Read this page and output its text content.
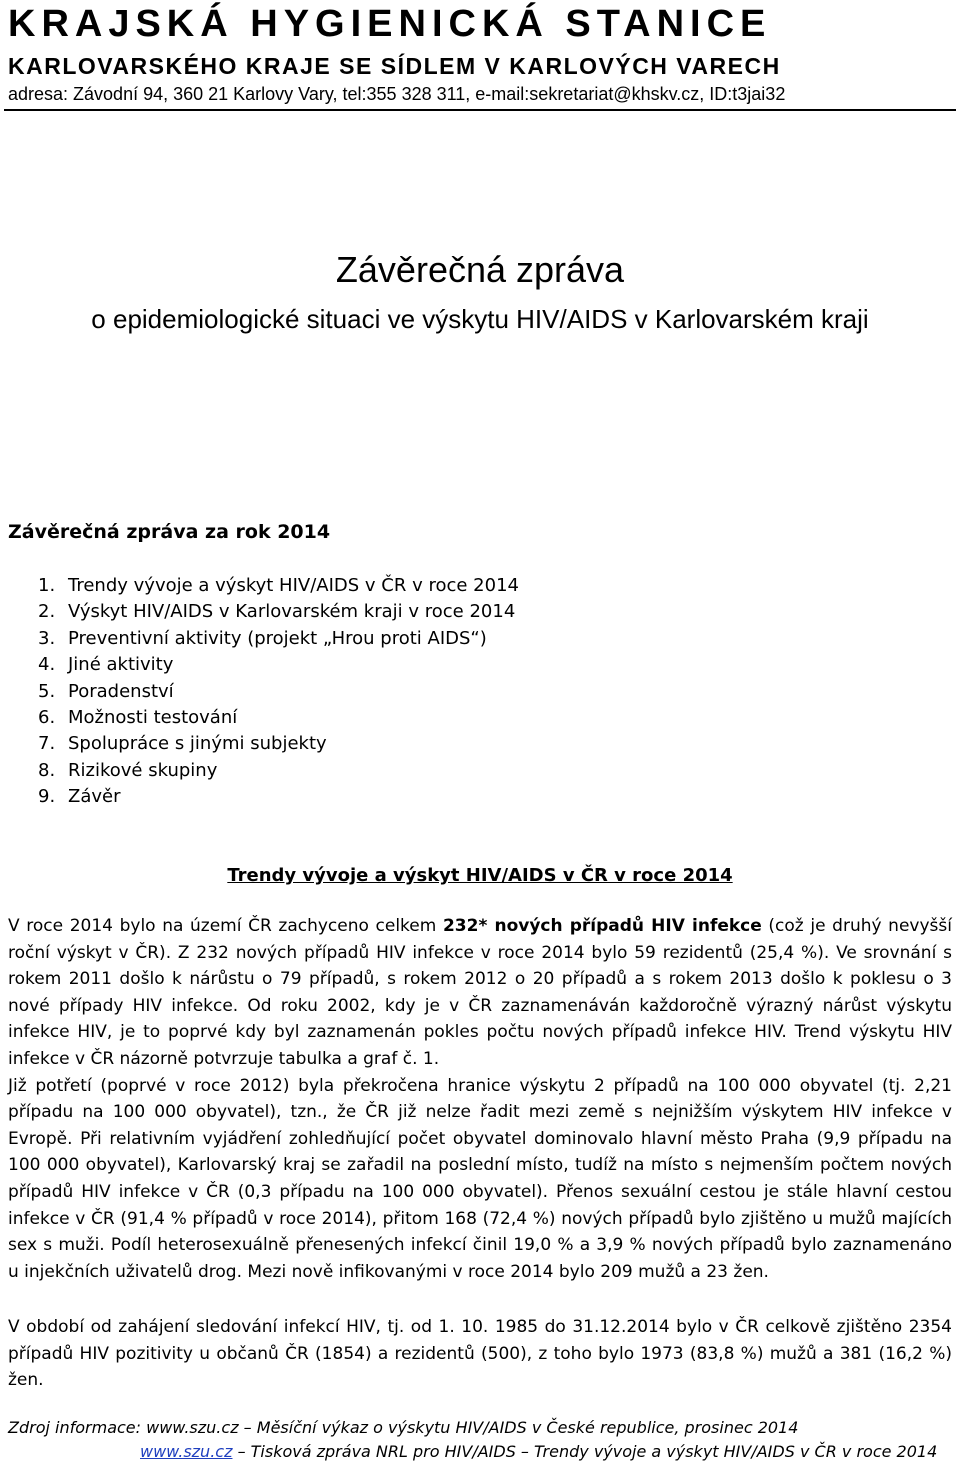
KRAJSKÁ HYGIENICKÁ STANICE
KARLOVARSKÉHO KRAJE SE SÍDLEM V KARLOVÝCH VARECH
adresa: Závodní 94, 360 21 Karlovy Vary, tel:355 328 311, e-mail:sekretariat@khskv.cz, ID:t3jai32
Závěrečná zpráva
o epidemiologické situaci ve výskytu HIV/AIDS v Karlovarském kraji
Závěrečná zpráva za rok 2014
1. Trendy vývoje a výskyt HIV/AIDS v ČR v roce 2014
2. Výskyt HIV/AIDS v Karlovarském kraji v roce 2014
3. Preventivní aktivity (projekt „Hrou proti AIDS“)
4. Jiné aktivity
5. Poradenství
6. Možnosti testování
7. Spolupráce s jinými subjekty
8. Rizikové skupiny
9. Závěr
Trendy vývoje a výskyt HIV/AIDS v ČR v roce 2014

V roce 2014 bylo na území ČR zachyceno celkem 232* nových případů HIV infekce (což je druhý nevyšší roční výskyt v ČR). Z 232 nových případů HIV infekce v roce 2014 bylo 59 rezidentů (25,4 %). Ve srovnání s rokem 2011 došlo k nárůstu o 79 případů, s rokem 2012 o 20 případů a s rokem 2013 došlo k poklesu o 3 nové případy HIV infekce. Od roku 2002, kdy je v ČR zaznamenáván každoročně výrazný nárůst výskytu infekce HIV, je to poprvé kdy byl zaznamenán pokles počtu nových případů infekce HIV. Trend výskytu HIV infekce v ČR názorně potvrzuje tabulka a graf č. 1.
Již potřetí (poprvé v roce 2012) byla překročena hranice výskytu 2 případů na 100 000 obyvatel (tj. 2,21 případu na 100 000 obyvatel), tzn., že ČR již nelze řadit mezi země s nejnižším výskytem HIV infekce v Evropě. Při relativním vyjádření zohledňující počet obyvatel dominovalo hlavní město Praha (9,9 případu na 100 000 obyvatel), Karlovarský kraj se zařadil na poslední místo, tudíž na místo s nejmenším počtem nových případů HIV infekce v ČR (0,3 případu na 100 000 obyvatel). Přenos sexuální cestou je stále hlavní cestou infekce v ČR (91,4 % případů v roce 2014), přitom 168 (72,4 %) nových případů bylo zjištěno u mužů majících sex s muži. Podíl heterosexuálně přenesených infekcí činil 19,0 % a 3,9 % nových případů bylo zaznamenáno u injekčních uživatelů drog. Mezi nově infikovanými v roce 2014 bylo 209 mužů a 23 žen.

V období od zahájení sledování infekcí HIV, tj. od 1. 10. 1985 do 31.12.2014 bylo v ČR celkově zjištěno 2354 případů HIV pozitivity u občanů ČR (1854) a rezidentů (500), z toho bylo 1973 (83,8 %) mužů a 381 (16,2 %) žen.

Zdroj informace: www.szu.cz – Měsíční výkaz o výskytu HIV/AIDS v České republice, prosinec 2014
www.szu.cz – Tisková zpráva NRL pro HIV/AIDS – Trendy vývoje a výskyt HIV/AIDS v ČR v roce 2014
